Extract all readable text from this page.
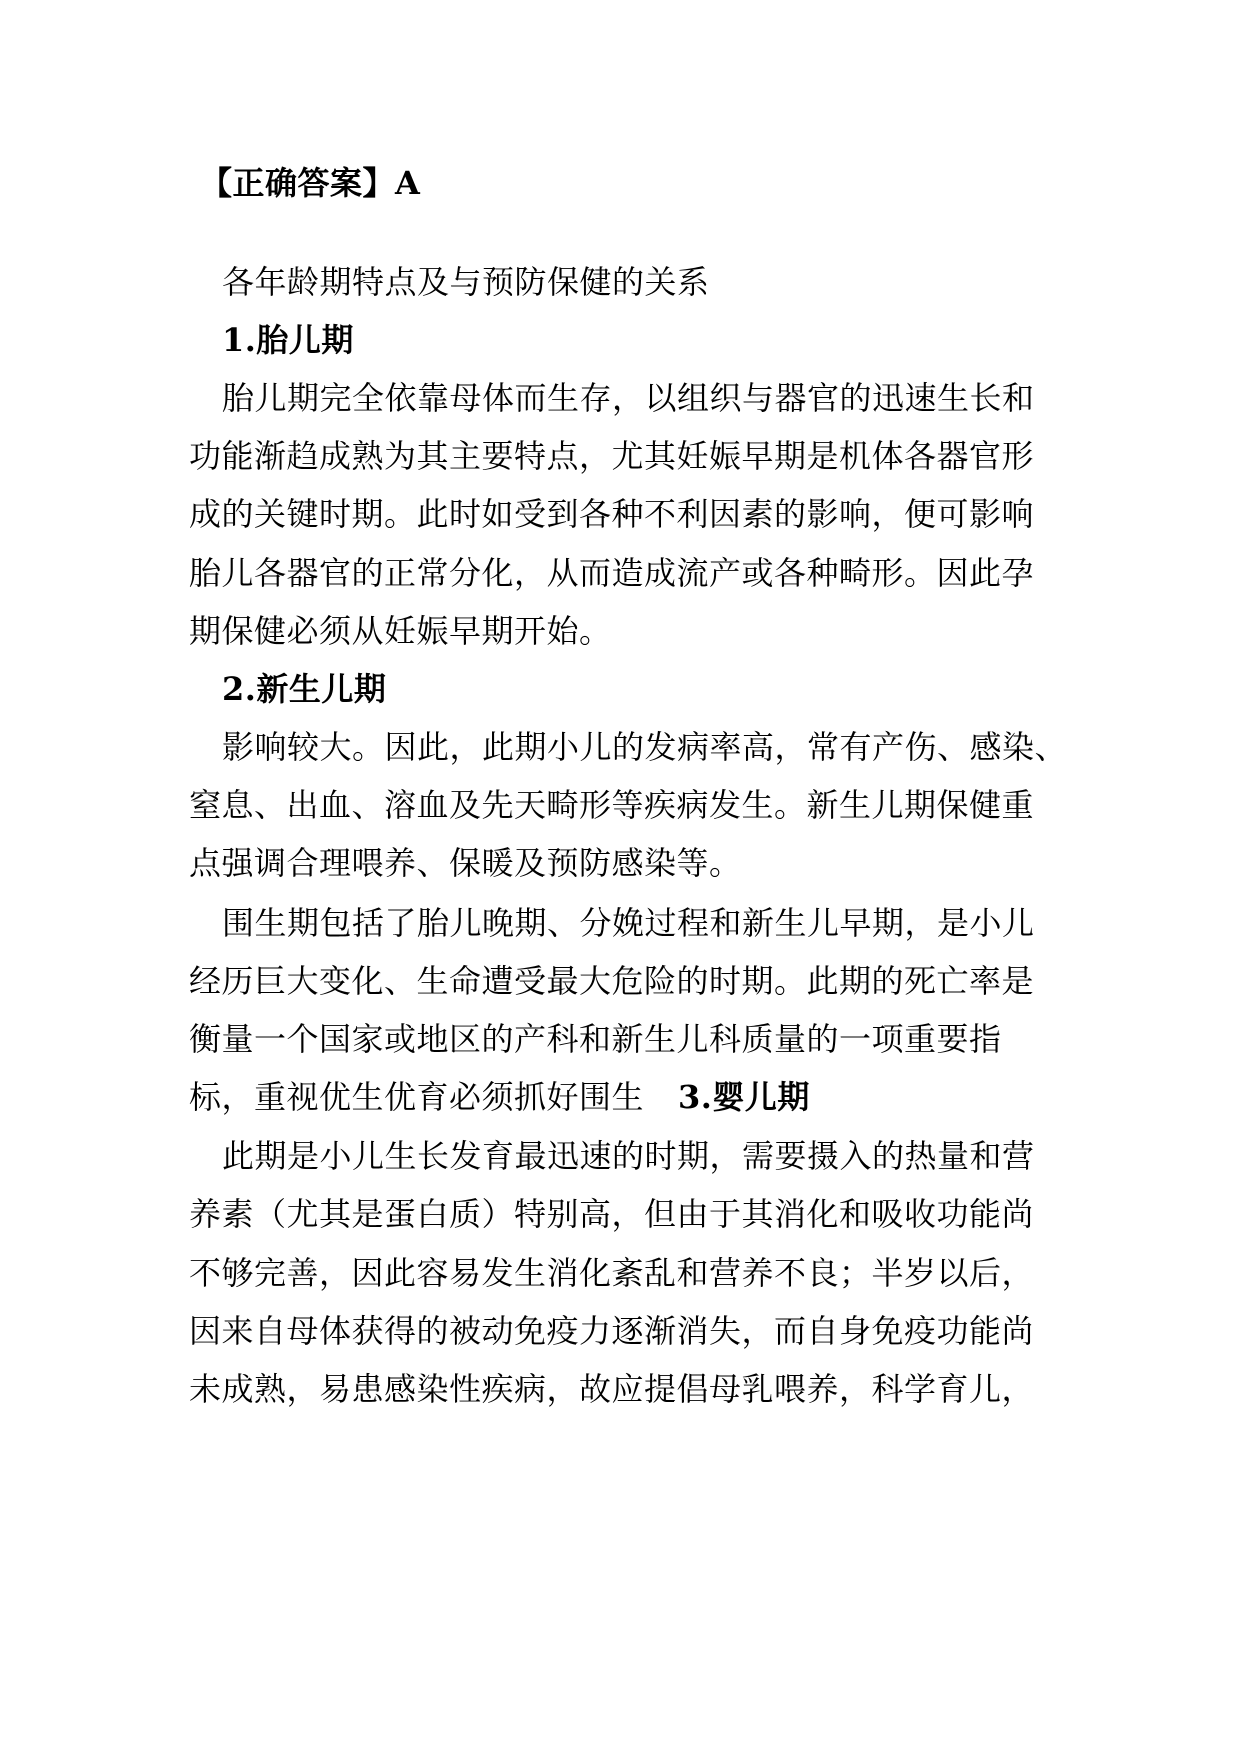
【正确答案】A
各年龄期特点及与预防保健的关系
1.胎儿期
胎儿期完全依靠母体而生存，以组织与器官的迅速生长和
功能渐趋成熟为其主要特点，尤其妊娠早期是机体各器官形
成的关键时期。此时如受到各种不利因素的影响，便可影响
胎儿各器官的正常分化，从而造成流产或各种畸形。因此孕
期保健必须从妊娠早期开始。
2.新生儿期
影响较大。因此，此期小儿的发病率高，常有产伤、感染、
窒息、出血、溶血及先天畸形等疾病发生。新生儿期保健重
点强调合理喂养、保暖及预防感染等。
围生期包括了胎儿晚期、分娩过程和新生儿早期，是小儿
经历巨大变化、生命遭受最大危险的时期。此期的死亡率是
衡量一个国家或地区的产科和新生儿科质量的一项重要指
标，重视优生优育必须抓好围生 3.婴儿期
此期是小儿生长发育最迅速的时期，需要摄入的热量和营
养素（尤其是蛋白质）特别高，但由于其消化和吸收功能尚
不够完善，因此容易发生消化紊乱和营养不良；半岁以后，
因来自母体获得的被动免疫力逐渐消失，而自身免疫功能尚
未成熟，易患感染性疾病，故应提倡母乳喂养，科学育儿，
